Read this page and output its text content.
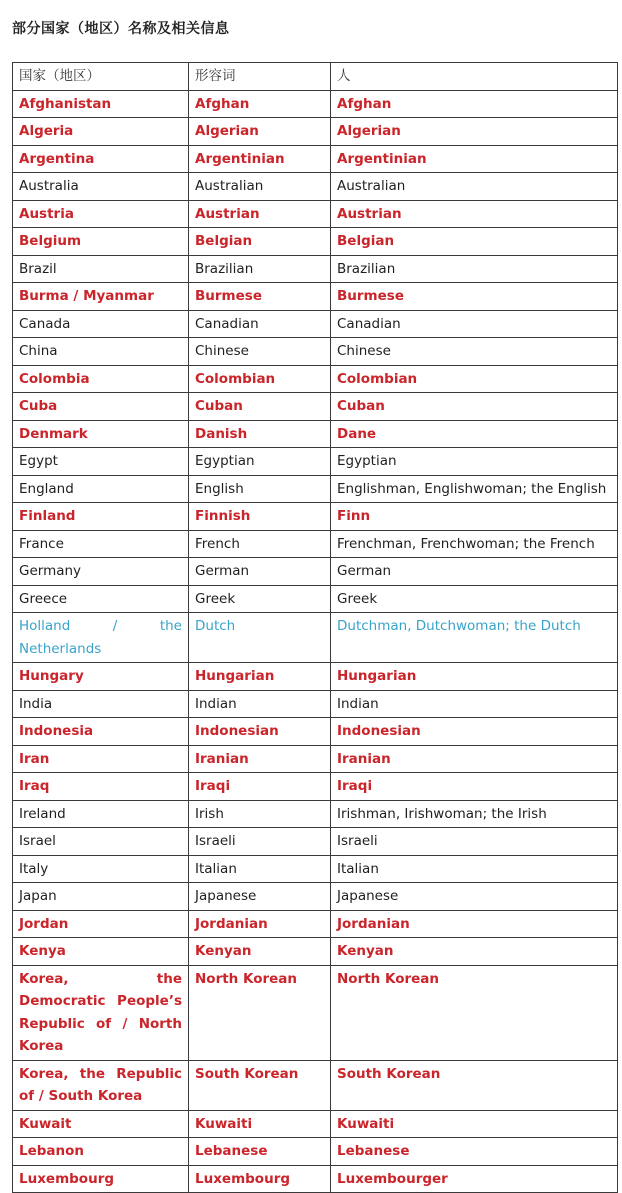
部分国家（地区）名称及相关信息
国家（地区）	形容词	人
Afghanistan	Afghan	Afghan
Algeria	Algerian	Algerian
Argentina	Argentinian	Argentinian
Australia	Australian	Australian
Austria	Austrian	Austrian
Belgium	Belgian	Belgian
Brazil	Brazilian	Brazilian
Burma / Myanmar	Burmese	Burmese
Canada	Canadian	Canadian
China	Chinese	Chinese
Colombia	Colombian	Colombian
Cuba	Cuban	Cuban
Denmark	Danish	Dane
Egypt	Egyptian	Egyptian
England	English	Englishman, Englishwoman; the English
Finland	Finnish	Finn
France	French	Frenchman, Frenchwoman; the French
Germany	German	German
Greece	Greek	Greek
Holland / the Netherlands	Dutch	Dutchman, Dutchwoman; the Dutch
Hungary	Hungarian	Hungarian
India	Indian	Indian
Indonesia	Indonesian	Indonesian
Iran	Iranian	Iranian
Iraq	Iraqi	Iraqi
Ireland	Irish	Irishman, Irishwoman; the Irish
Israel	Israeli	Israeli
Italy	Italian	Italian
Japan	Japanese	Japanese
Jordan	Jordanian	Jordanian
Kenya	Kenyan	Kenyan
Korea, the Democratic People’s Republic of / North Korea	North Korean	North Korean
Korea, the Republic of / South Korea	South Korean	South Korean
Kuwait	Kuwaiti	Kuwaiti
Lebanon	Lebanese	Lebanese
Luxembourg	Luxembourg	Luxembourger
